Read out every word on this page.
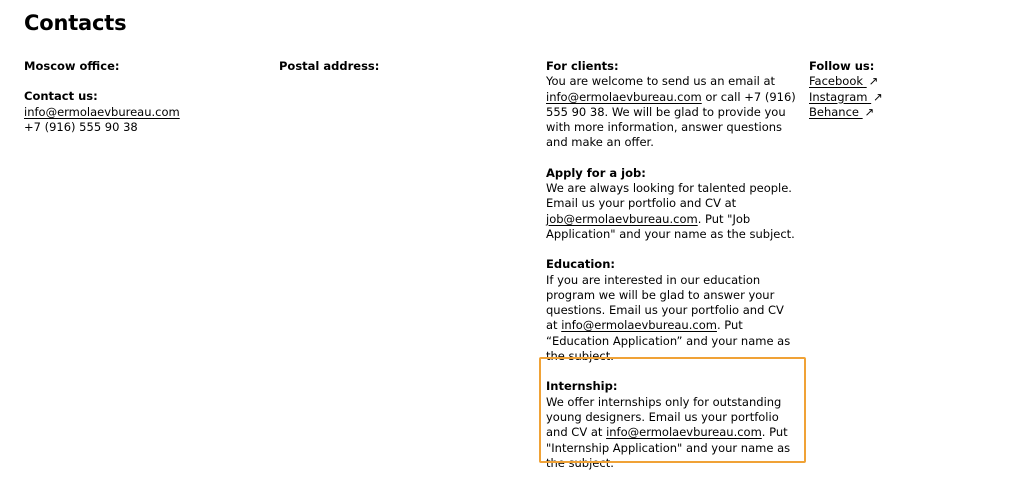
Contacts
Moscow office:
Contact us:
info@ermolaevbureau.com
+7 (916) 555 90 38
Postal address:	For clients:
You are welcome to send us an email at info@ermolaevbureau.com or call +7 (916) 555 90 38. We will be glad to provide you with more information, answer questions and make an offer.
Apply for a job:
We are always looking for talented people. Email us your portfolio and CV at job@ermolaevbureau.com. Put "Job Application" and your name as the subject.
Education:
If you are interested in our education program we will be glad to answer your questions. Email us your portfolio and CV at info@ermolaevbureau.com. Put “Education Application” and your name as the subject.
Internship:
We offer internships only for outstanding young designers. Email us your portfolio and CV at info@ermolaevbureau.com. Put "Internship Application" and your name as the subject.
Follow us:
Facebook ↗
Instagram ↗
Behance ↗
